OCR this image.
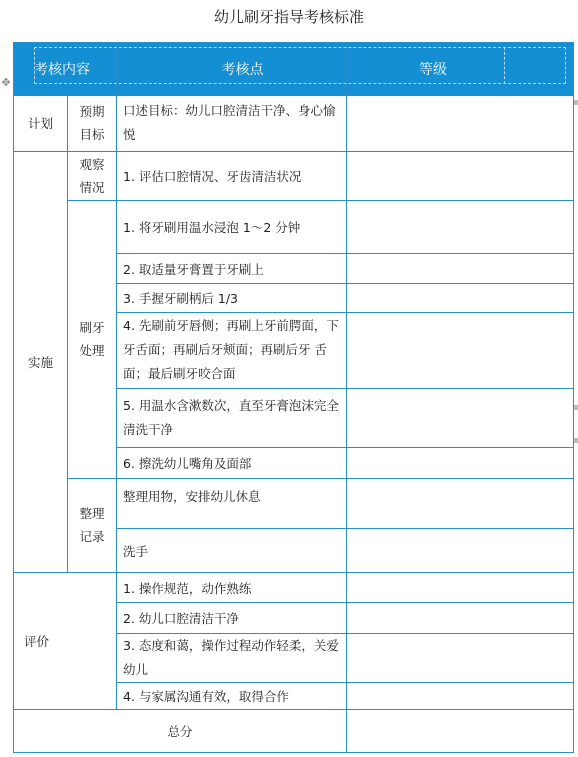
幼儿刷牙指导考核标准
✥
考核内容		考核点	等级
计划	预期目标	口述目标：幼儿口腔清洁干净、身心愉悦	
实施	观察情况	1. 评估口腔情况、牙齿清洁状况	
	刷牙处理	1. 将牙刷用温水浸泡 1～2 分钟	
		2. 取适量牙膏置于牙刷上	
		3. 手握牙刷柄后 1/3	
		4. 先刷前牙唇侧；再刷上牙前腭面，下牙舌面；再刷后牙颊面；再刷后牙 舌面；最后刷牙咬合面	
		5. 用温水含漱数次，直至牙膏泡沫完全清洗干净	
		6. 擦洗幼儿嘴角及面部	
	整理记录	整理用物，安排幼儿休息	
		洗手	
评价		1. 操作规范，动作熟练	
		2. 幼儿口腔清洁干净	
		3. 态度和蔼，操作过程动作轻柔，关爱幼儿	
		4. 与家属沟通有效，取得合作	
总分			
